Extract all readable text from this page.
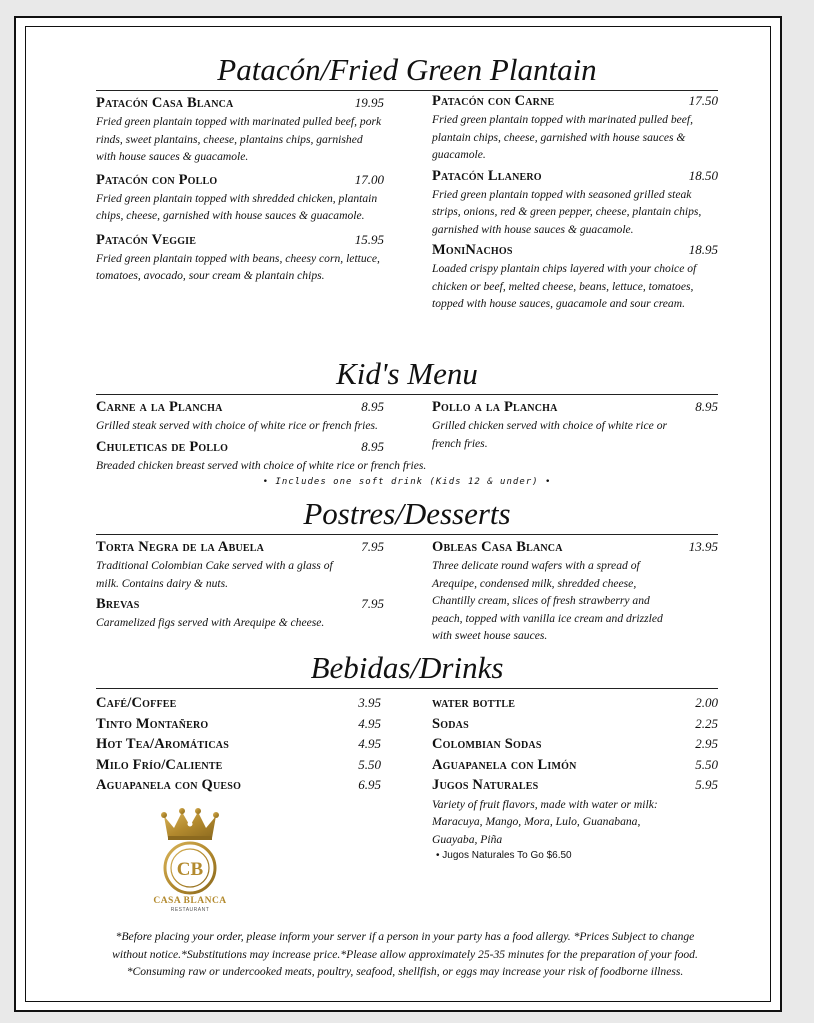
Patacón/Fried Green Plantain
Patacón Casa Blanca	19.95
Fried green plantain topped with marinated pulled beef, pork rinds, sweet plantains, cheese, plantains chips, garnished with house sauces & guacamole.
Patacón con Pollo	17.00
Fried green plantain topped with shredded chicken, plantain chips, cheese, garnished with house sauces & guacamole.
Patacón Veggie	15.95
Fried green plantain topped with beans, cheesy corn, lettuce, tomatoes, avocado, sour cream & plantain chips.
Patacón con Carne	17.50
Fried green plantain topped with marinated pulled beef, plantain chips, cheese, garnished with house sauces & guacamole.
Patacón Llanero	18.50
Fried green plantain topped with seasoned grilled steak strips, onions, red & green pepper, cheese, plantain chips, garnished with house sauces & guacamole.
MoniNachos	18.95
Loaded crispy plantain chips layered with your choice of chicken or beef, melted cheese, beans, lettuce, tomatoes, topped with house sauces, guacamole and sour cream.
Kid's Menu
Carne a la Plancha	8.95
Grilled steak served with choice of white rice or french fries.
Chuleticas de Pollo	8.95
Breaded chicken breast served with choice of white rice or french fries.
Pollo a la Plancha	8.95
Grilled chicken served with choice of white rice or french fries.
• Includes one soft drink (Kids 12 & under) •
Postres/Desserts
Torta Negra de la Abuela	7.95
Traditional Colombian Cake served with a glass of milk. Contains dairy & nuts.
Brevas	7.95
Caramelized figs served with Arequipe & cheese.
Obleas Casa Blanca	13.95
Three delicate round wafers with a spread of Arequipe, condensed milk, shredded cheese, Chantilly cream, slices of fresh strawberry and peach, topped with vanilla ice cream and drizzled with sweet house sauces.
Bebidas/Drinks
Café/Coffee	3.95
Tinto Montañero	4.95
Hot Tea/Aromáticas	4.95
Milo Frío/Caliente	5.50
Aguapanela con Queso	6.95
water bottle	2.00
Sodas	2.25
Colombian Sodas	2.95
Aguapanela con Limón	5.50
Jugos Naturales	5.95
Variety of fruit flavors, made with water or milk: Maracuya, Mango, Mora, Lulo, Guanabana, Guayaba, Piña
• Jugos Naturales To Go $6.50
CB
CASA BLANCA
RESTAURANT
*Before placing your order, please inform your server if a person in your party has a food allergy. *Prices Subject to change without notice.*Substitutions may increase price.*Please allow approximately 25-35 minutes for the preparation of your food. *Consuming raw or undercooked meats, poultry, seafood, shellfish, or eggs may increase your risk of foodborne illness.
